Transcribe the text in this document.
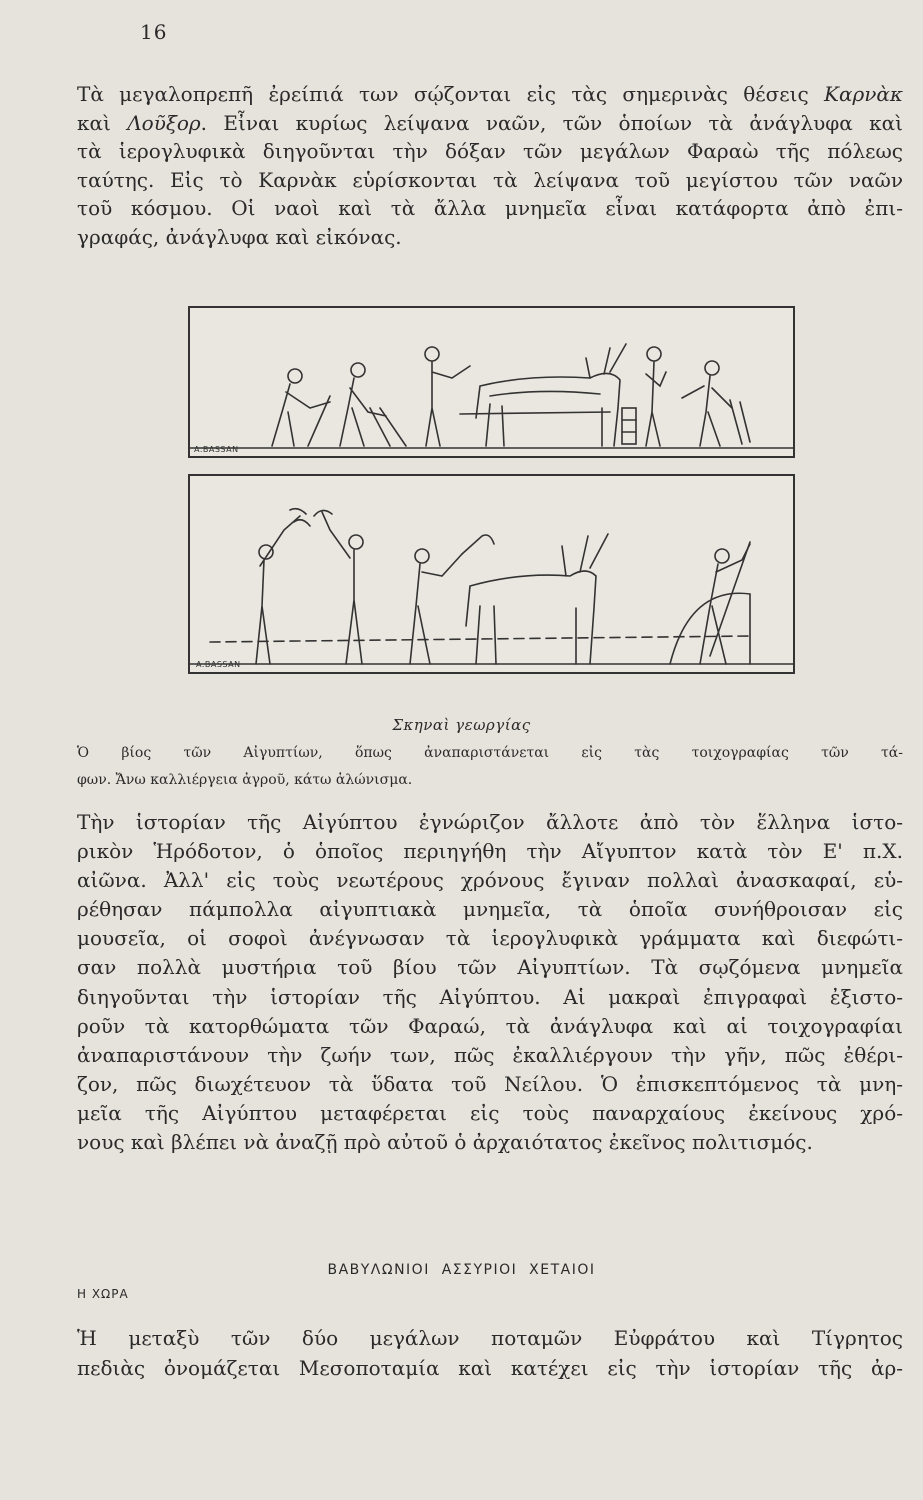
16

Τὰ μεγαλοπρεπῆ ἐρείπιά των σῴζονται εἰς τὰς σημερινὰς θέσεις Καρνὰκ
καὶ Λοῦξορ. Εἶναι κυρίως λείψανα ναῶν, τῶν ὁποίων τὰ ἀνάγλυφα καὶ
τὰ ἱερογλυφικὰ διηγοῦνται τὴν δόξαν τῶν μεγάλων Φαραὼ τῆς πόλεως
ταύτης. Εἰς τὸ Καρνὰκ εὑρίσκονται τὰ λείψανα τοῦ μεγίστου τῶν ναῶν
τοῦ κόσμου. Οἱ ναοὶ καὶ τὰ ἄλλα μνημεῖα εἶναι κατάφορτα ἀπὸ ἐπι-
γραφάς, ἀνάγλυφα καὶ εἰκόνας.

A.BASSAN
A.BASSAN
Σκηναὶ γεωργίας

Ὁ βίος τῶν Αἰγυπτίων, ὅπως ἀναπαριστάνεται εἰς τὰς τοιχογραφίας τῶν τά-
φων. Ἄνω καλλιέργεια ἀγροῦ, κάτω ἁλώνισμα.

Τὴν ἱστορίαν τῆς Αἰγύπτου ἐγνώριζον ἄλλοτε ἀπὸ τὸν ἕλληνα ἱστο-
ρικὸν Ἡρόδοτον, ὁ ὁποῖος περιηγήθη τὴν Αἴγυπτον κατὰ τὸν Ε' π.Χ.
αἰῶνα. Ἀλλ' εἰς τοὺς νεωτέρους χρόνους ἔγιναν πολλαὶ ἀνασκαφαί, εὑ-
ρέθησαν πάμπολλα αἰγυπτιακὰ μνημεῖα, τὰ ὁποῖα συνήθροισαν εἰς
μουσεῖα, οἱ σοφοὶ ἀνέγνωσαν τὰ ἱερογλυφικὰ γράμματα καὶ διεφώτι-
σαν πολλὰ μυστήρια τοῦ βίου τῶν Αἰγυπτίων. Τὰ σῳζόμενα μνημεῖα
διηγοῦνται τὴν ἱστορίαν τῆς Αἰγύπτου. Αἱ μακραὶ ἐπιγραφαὶ ἐξιστο-
ροῦν τὰ κατορθώματα τῶν Φαραώ, τὰ ἀνάγλυφα καὶ αἱ τοιχογραφίαι
ἀναπαριστάνουν τὴν ζωήν των, πῶς ἐκαλλιέργουν τὴν γῆν, πῶς ἐθέρι-
ζον, πῶς διωχέτευον τὰ ὕδατα τοῦ Νείλου. Ὁ ἐπισκεπτόμενος τὰ μνη-
μεῖα τῆς Αἰγύπτου μεταφέρεται εἰς τοὺς παναρχαίους ἐκείνους χρό-
νους καὶ βλέπει νὰ ἀναζῇ πρὸ αὐτοῦ ὁ ἀρχαιότατος ἐκεῖνος πολιτισμός.

ΒΑΒΥΛΩΝΙΟΙ  ΑΣΣΥΡΙΟΙ  ΧΕΤΑΙΟΙ
Η ΧΩΡΑ

Ἡ μεταξὺ τῶν δύο μεγάλων ποταμῶν Εὐφράτου καὶ Τίγρητος
πεδιὰς ὀνομάζεται Μεσοποταμία καὶ κατέχει εἰς τὴν ἱστορίαν τῆς ἀρ-
